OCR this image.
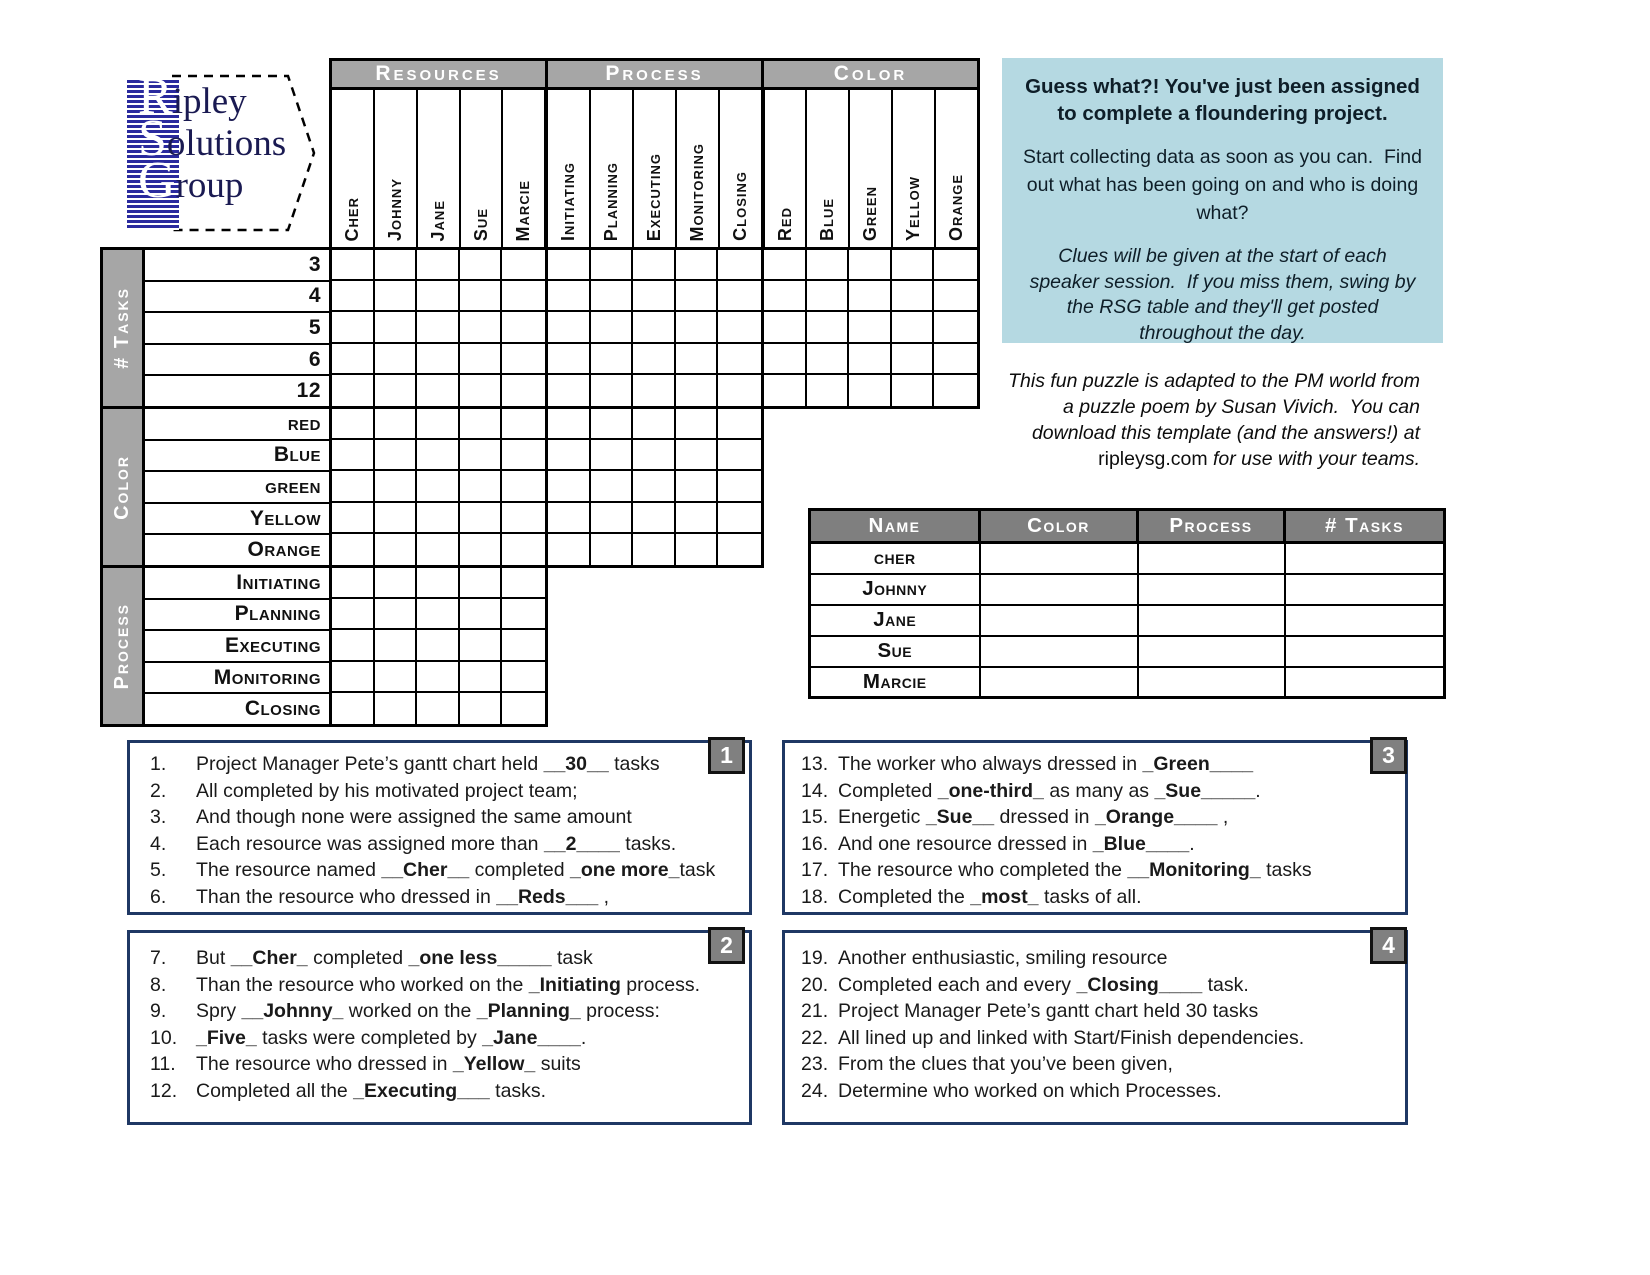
Ripley
Solutions
Group
Resources	Process	Color
Cher Johnny Jane Sue Marcie Initiating Planning Executing Monitoring Closing Red Blue Green Yellow Orange
# Tasks
3
4
5
6
12
Color
red
Blue
green
Yellow
Orange
Process
Initiating
Planning
Executing
Monitoring
Closing
Guess what?! You've just been assigned to complete a floundering project.
Start collecting data as soon as you can.  Find out what has been going on and who is doing what?
Clues will be given at the start of each speaker session.  If you miss them, swing by the RSG table and they'll get posted throughout the day.
This fun puzzle is adapted to the PM world from a puzzle poem by Susan Vivich.  You can download this template (and the answers!) at ripleysg.com for use with your teams.
Name	Color	Process	# Tasks
cher			
Johnny			
Jane			
Sue			
Marcie			
1
1.	Project Manager Pete’s gantt chart held __30__ tasks
2.	All completed by his motivated project team;
3.	And though none were assigned the same amount
4.	Each resource was assigned more than __2____ tasks.
5.	The resource named __Cher__ completed _one more_task
6.	Than the resource who dressed in __Reds___ ,
2
7.	But __Cher_ completed _one less_____ task
8.	Than the resource who worked on the _Initiating process.
9.	Spry __Johnny_ worked on the _Planning_ process:
10. _Five_ tasks were completed by _Jane____.
11.	The resource who dressed in _Yellow_ suits
12. Completed all the _Executing___ tasks.
3
13. The worker who always dressed in _Green____
14. Completed _one-third_ as many as _Sue_____.
15. Energetic _Sue__ dressed in _Orange____ ,
16. And one resource dressed in _Blue____.
17. The resource who completed the __Monitoring_ tasks
18. Completed the _most_ tasks of all.
4
19. Another enthusiastic, smiling resource
20. Completed each and every _Closing____ task.
21. Project Manager Pete’s gantt chart held 30 tasks
22. All lined up and linked with Start/Finish dependencies.
23. From the clues that you’ve been given,
24. Determine who worked on which Processes.
